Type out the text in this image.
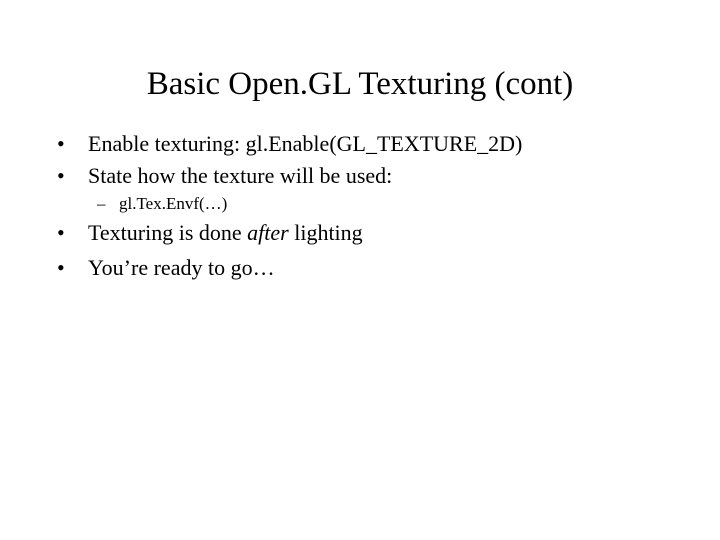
Basic Open.GL Texturing (cont)
• Enable texturing: gl.Enable(GL_TEXTURE_2D)
• State how the texture will be used:
– gl.Tex.Envf(…)
• Texturing is done after lighting
• You’re ready to go…
